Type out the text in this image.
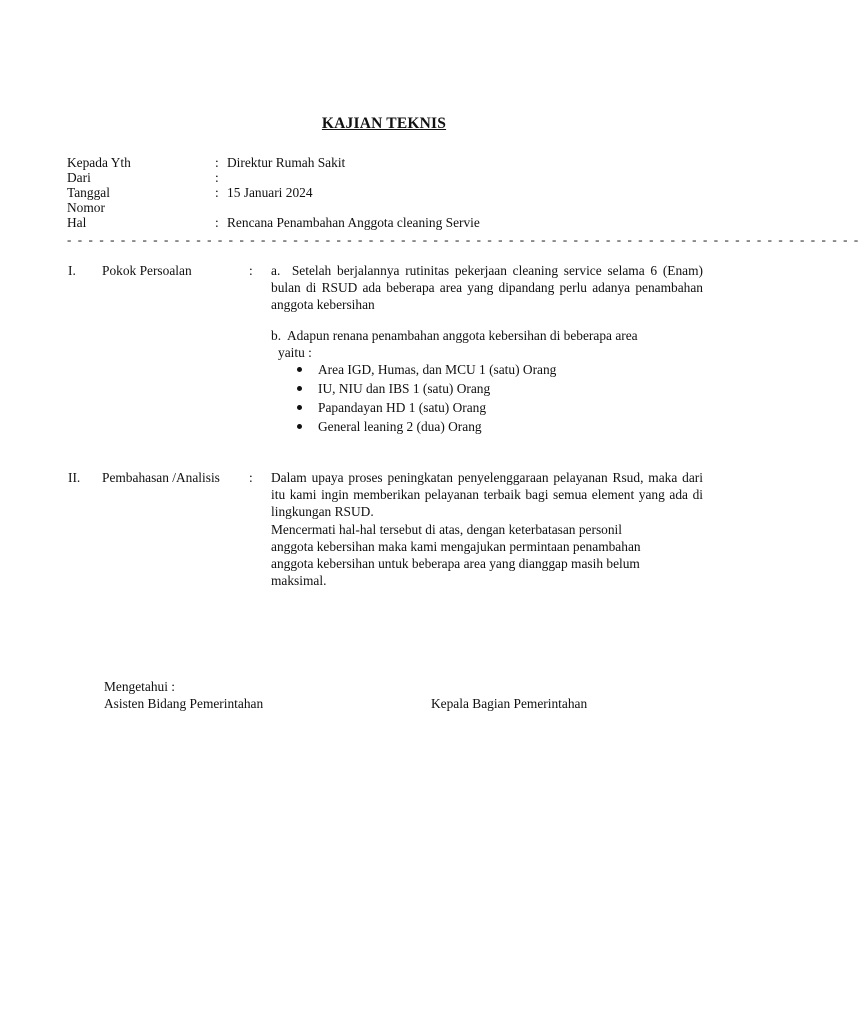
KAJIAN TEKNIS
Kepada Yth	: Direktur Rumah Sakit
Dari	:
Tanggal	: 15 Januari 2024
Nomor
Hal	: Rencana Penambahan Anggota cleaning Servie
- - - - - - - - - - - - - - - - - - - - - - - - - - - - - - - - - - - - - - - - - - - - - - - - - - - - - - - - - - - - - - - - - - - - - - - - - -
I. Pokok Persoalan	: a. Setelah berjalannya rutinitas pekerjaan cleaning service selama 6 (Enam) bulan di RSUD ada beberapa area yang dipandang perlu adanya penambahan anggota kebersihan
b. Adapun renana penambahan anggota kebersihan di beberapa area
yaitu :
Area IGD, Humas, dan MCU 1 (satu) Orang
IU, NIU dan IBS 1 (satu) Orang
Papandayan HD 1 (satu) Orang
General leaning 2 (dua) Orang
II. Pembahasan /Analisis : Dalam upaya proses peningkatan penyelenggaraan pelayanan Rsud, maka dari itu kami ingin memberikan pelayanan terbaik bagi semua element yang ada di lingkungan RSUD.
Mencermati hal-hal tersebut di atas, dengan keterbatasan personil
anggota kebersihan maka kami mengajukan permintaan penambahan
anggota kebersihan untuk beberapa area yang dianggap masih belum
maksimal.
Mengetahui :
Asisten Bidang Pemerintahan	Kepala Bagian Pemerintahan
